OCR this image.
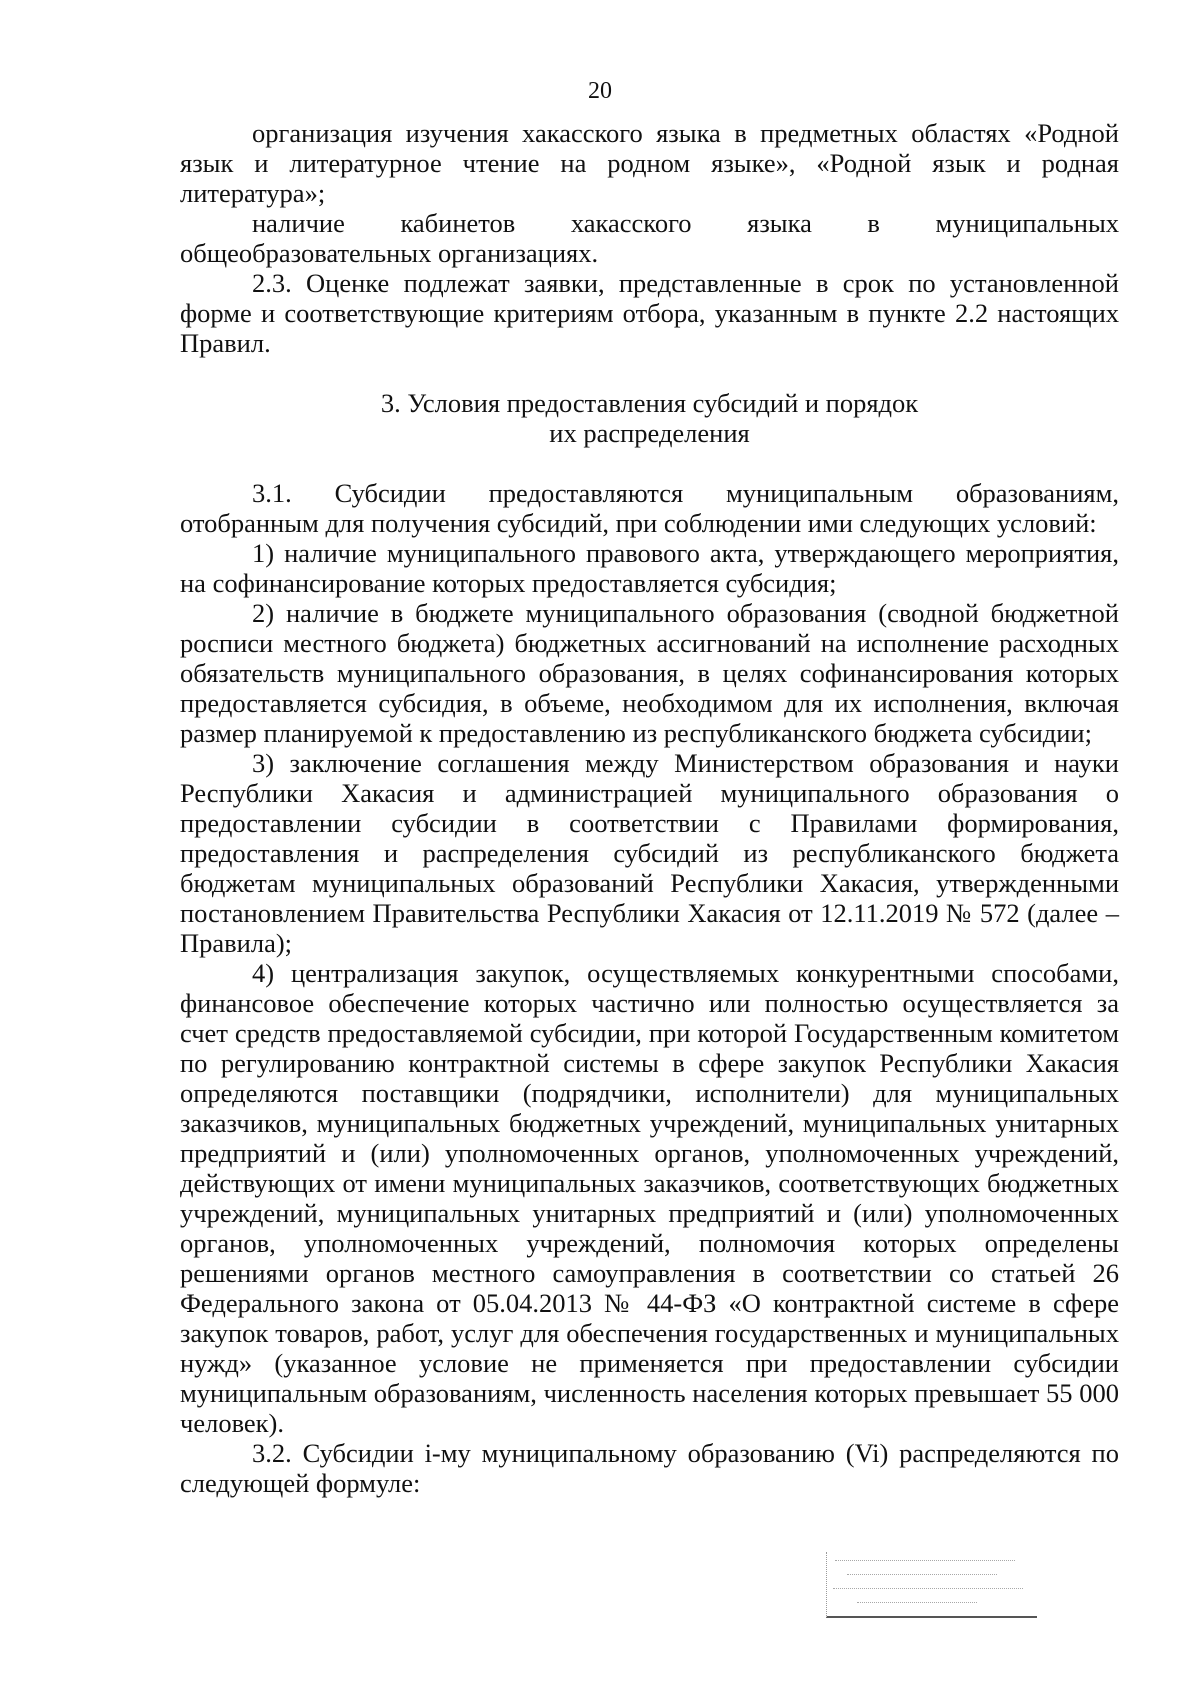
20

организация изучения хакасского языка в предметных областях «Родной язык и литературное чтение на родном языке», «Родной язык и родная литература»;

наличие кабинетов хакасского языка в муниципальных общеобразовательных организациях.

2.3. Оценке подлежат заявки, представленные в срок по установленной форме и соответствующие критериям отбора, указанным в пункте 2.2 настоящих Правил.

3. Условия предоставления субсидий и порядок

их распределения

3.1. Субсидии предоставляются муниципальным образованиям, отобранным для получения субсидий, при соблюдении ими следующих условий:

1) наличие муниципального правового акта, утверждающего мероприятия, на софинансирование которых предоставляется субсидия;

2) наличие в бюджете муниципального образования (сводной бюджетной росписи местного бюджета) бюджетных ассигнований на исполнение расходных обязательств муниципального образования, в целях софинансирования которых предоставляется субсидия, в объеме, необходимом для их исполнения, включая размер планируемой к предоставлению из республиканского бюджета субсидии;

3) заключение соглашения между Министерством образования и науки Республики Хакасия и администрацией муниципального образования о предоставлении субсидии в соответствии с Правилами формирования, предоставления и распределения субсидий из республиканского бюджета бюджетам муниципальных образований Республики Хакасия, утвержденными постановлением Правительства Республики Хакасия от 12.11.2019 № 572 (далее – Правила);

4) централизация закупок, осуществляемых конкурентными способами, финансовое обеспечение которых частично или полностью осуществляется за счет средств предоставляемой субсидии, при которой Государственным комитетом по регулированию контрактной системы в сфере закупок Республики Хакасия определяются поставщики (подрядчики, исполнители) для муниципальных заказчиков, муниципальных бюджетных учреждений, муниципальных унитарных предприятий и (или) уполномоченных органов, уполномоченных учреждений, действующих от имени муниципальных заказчиков, соответствующих бюджетных учреждений, муниципальных унитарных предприятий и (или) уполномоченных органов, уполномоченных учреждений, полномочия которых определены решениями органов местного самоуправления в соответствии со статьей 26 Федерального закона от 05.04.2013 № 44-ФЗ «О контрактной системе в сфере закупок товаров, работ, услуг для обеспечения государственных и муниципальных нужд» (указанное условие не применяется при предоставлении субсидии муниципальным образованиям, численность населения которых превышает 55 000 человек).

3.2. Субсидии i-му муниципальному образованию (Vi) распределяются по следующей формуле:
